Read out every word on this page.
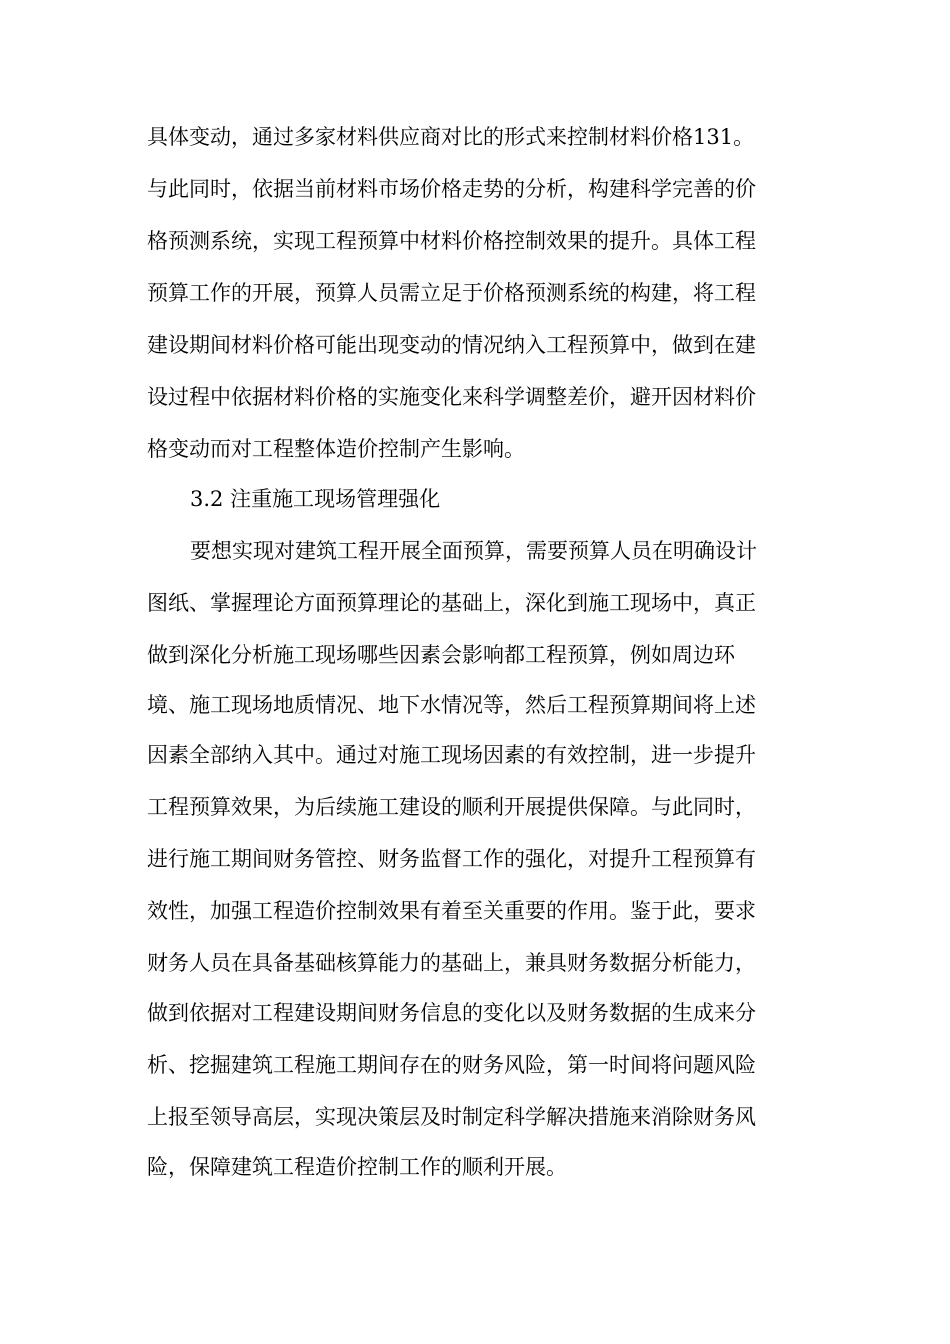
具体变动，通过多家材料供应商对比的形式来控制材料价格131。
与此同时，依据当前材料市场价格走势的分析，构建科学完善的价
格预测系统，实现工程预算中材料价格控制效果的提升。具体工程
预算工作的开展，预算人员需立足于价格预测系统的构建，将工程
建设期间材料价格可能出现变动的情况纳入工程预算中，做到在建
设过程中依据材料价格的实施变化来科学调整差价，避开因材料价
格变动而对工程整体造价控制产生影响。
3.2 注重施工现场管理强化
要想实现对建筑工程开展全面预算，需要预算人员在明确设计
图纸、掌握理论方面预算理论的基础上，深化到施工现场中，真正
做到深化分析施工现场哪些因素会影响都工程预算，例如周边环
境、施工现场地质情况、地下水情况等，然后工程预算期间将上述
因素全部纳入其中。通过对施工现场因素的有效控制，进一步提升
工程预算效果，为后续施工建设的顺利开展提供保障。与此同时，
进行施工期间财务管控、财务监督工作的强化，对提升工程预算有
效性，加强工程造价控制效果有着至关重要的作用。鉴于此，要求
财务人员在具备基础核算能力的基础上，兼具财务数据分析能力，
做到依据对工程建设期间财务信息的变化以及财务数据的生成来分
析、挖掘建筑工程施工期间存在的财务风险，第一时间将问题风险
上报至领导高层，实现决策层及时制定科学解决措施来消除财务风
险，保障建筑工程造价控制工作的顺利开展。
